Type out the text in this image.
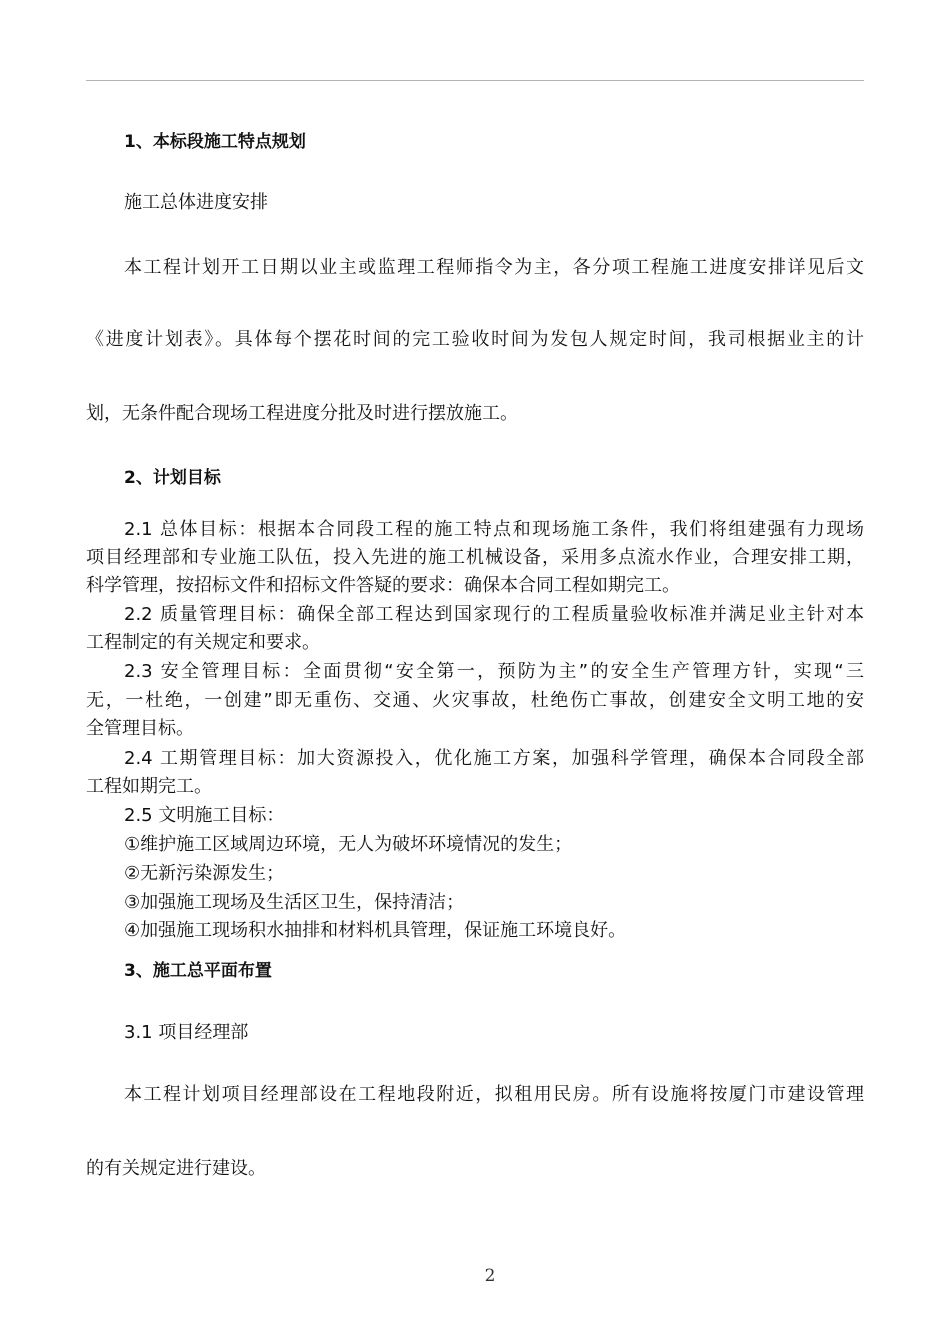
1、本标段施工特点规划
施工总体进度安排
本工程计划开工日期以业主或监理工程师指令为主，各分项工程施工进度安排详见后文
《进度计划表》。具体每个摆花时间的完工验收时间为发包人规定时间，我司根据业主的计
划，无条件配合现场工程进度分批及时进行摆放施工。
2、计划目标
2.1 总体目标：根据本合同段工程的施工特点和现场施工条件，我们将组建强有力现场
项目经理部和专业施工队伍，投入先进的施工机械设备，采用多点流水作业，合理安排工期，
科学管理，按招标文件和招标文件答疑的要求：确保本合同工程如期完工。
2.2 质量管理目标：确保全部工程达到国家现行的工程质量验收标准并满足业主针对本
工程制定的有关规定和要求。
2.3 安全管理目标：全面贯彻“安全第一，预防为主”的安全生产管理方针，实现“三
无，一杜绝，一创建”即无重伤、交通、火灾事故，杜绝伤亡事故，创建安全文明工地的安
全管理目标。
2.4 工期管理目标：加大资源投入，优化施工方案，加强科学管理，确保本合同段全部
工程如期完工。
2.5 文明施工目标：
①维护施工区域周边环境，无人为破坏环境情况的发生；
②无新污染源发生；
③加强施工现场及生活区卫生，保持清洁；
④加强施工现场积水抽排和材料机具管理，保证施工环境良好。
3、施工总平面布置
3.1 项目经理部
本工程计划项目经理部设在工程地段附近，拟租用民房。所有设施将按厦门市建设管理
的有关规定进行建设。
2
